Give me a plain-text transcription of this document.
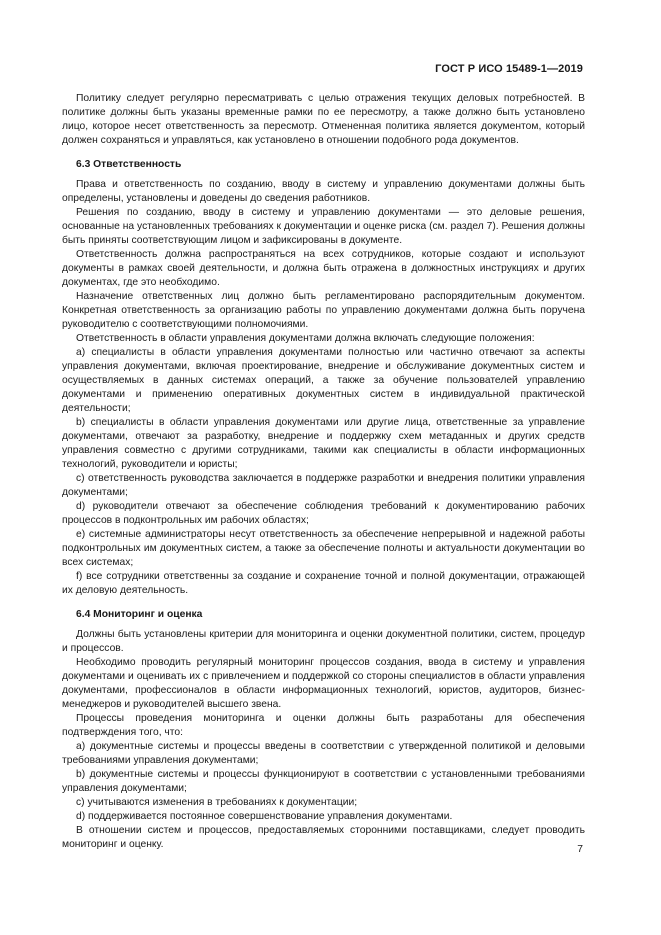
ГОСТ Р ИСО 15489-1—2019

Политику следует регулярно пересматривать с целью отражения текущих деловых потребностей. В политике должны быть указаны временные рамки по ее пересмотру, а также должно быть установлено лицо, которое несет ответственность за пересмотр. Отмененная политика является документом, который должен сохраняться и управляться, как установлено в отношении подобного рода документов.

6.3 Ответственность

Права и ответственность по созданию, вводу в систему и управлению документами должны быть определены, установлены и доведены до сведения работников.

Решения по созданию, вводу в систему и управлению документами — это деловые решения, основанные на установленных требованиях к документации и оценке риска (см. раздел 7). Решения должны быть приняты соответствующим лицом и зафиксированы в документе.

Ответственность должна распространяться на всех сотрудников, которые создают и используют документы в рамках своей деятельности, и должна быть отражена в должностных инструкциях и других документах, где это необходимо.

Назначение ответственных лиц должно быть регламентировано распорядительным документом. Конкретная ответственность за организацию работы по управлению документами должна быть поручена руководителю с соответствующими полномочиями.

Ответственность в области управления документами должна включать следующие положения:

a) специалисты в области управления документами полностью или частично отвечают за аспекты управления документами, включая проектирование, внедрение и обслуживание документных систем и осуществляемых в данных системах операций, а также за обучение пользователей управлению документами и применению оперативных документных систем в индивидуальной практической деятельности;

b) специалисты в области управления документами или другие лица, ответственные за управление документами, отвечают за разработку, внедрение и поддержку схем метаданных и других средств управления совместно с другими сотрудниками, такими как специалисты в области информационных технологий, руководители и юристы;

c) ответственность руководства заключается в поддержке разработки и внедрения политики управления документами;

d) руководители отвечают за обеспечение соблюдения требований к документированию рабочих процессов в подконтрольных им рабочих областях;

e) системные администраторы несут ответственность за обеспечение непрерывной и надежной работы подконтрольных им документных систем, а также за обеспечение полноты и актуальности документации во всех системах;

f) все сотрудники ответственны за создание и сохранение точной и полной документации, отражающей их деловую деятельность.

6.4 Мониторинг и оценка

Должны быть установлены критерии для мониторинга и оценки документной политики, систем, процедур и процессов.

Необходимо проводить регулярный мониторинг процессов создания, ввода в систему и управления документами и оценивать их с привлечением и поддержкой со стороны специалистов в области управления документами, профессионалов в области информационных технологий, юристов, аудиторов, бизнес-менеджеров и руководителей высшего звена.

Процессы проведения мониторинга и оценки должны быть разработаны для обеспечения подтверждения того, что:

a) документные системы и процессы введены в соответствии с утвержденной политикой и деловыми требованиями управления документами;

b) документные системы и процессы функционируют в соответствии с установленными требованиями управления документами;

c) учитываются изменения в требованиях к документации;

d) поддерживается постоянное совершенствование управления документами.

В отношении систем и процессов, предоставляемых сторонними поставщиками, следует проводить мониторинг и оценку.	7
